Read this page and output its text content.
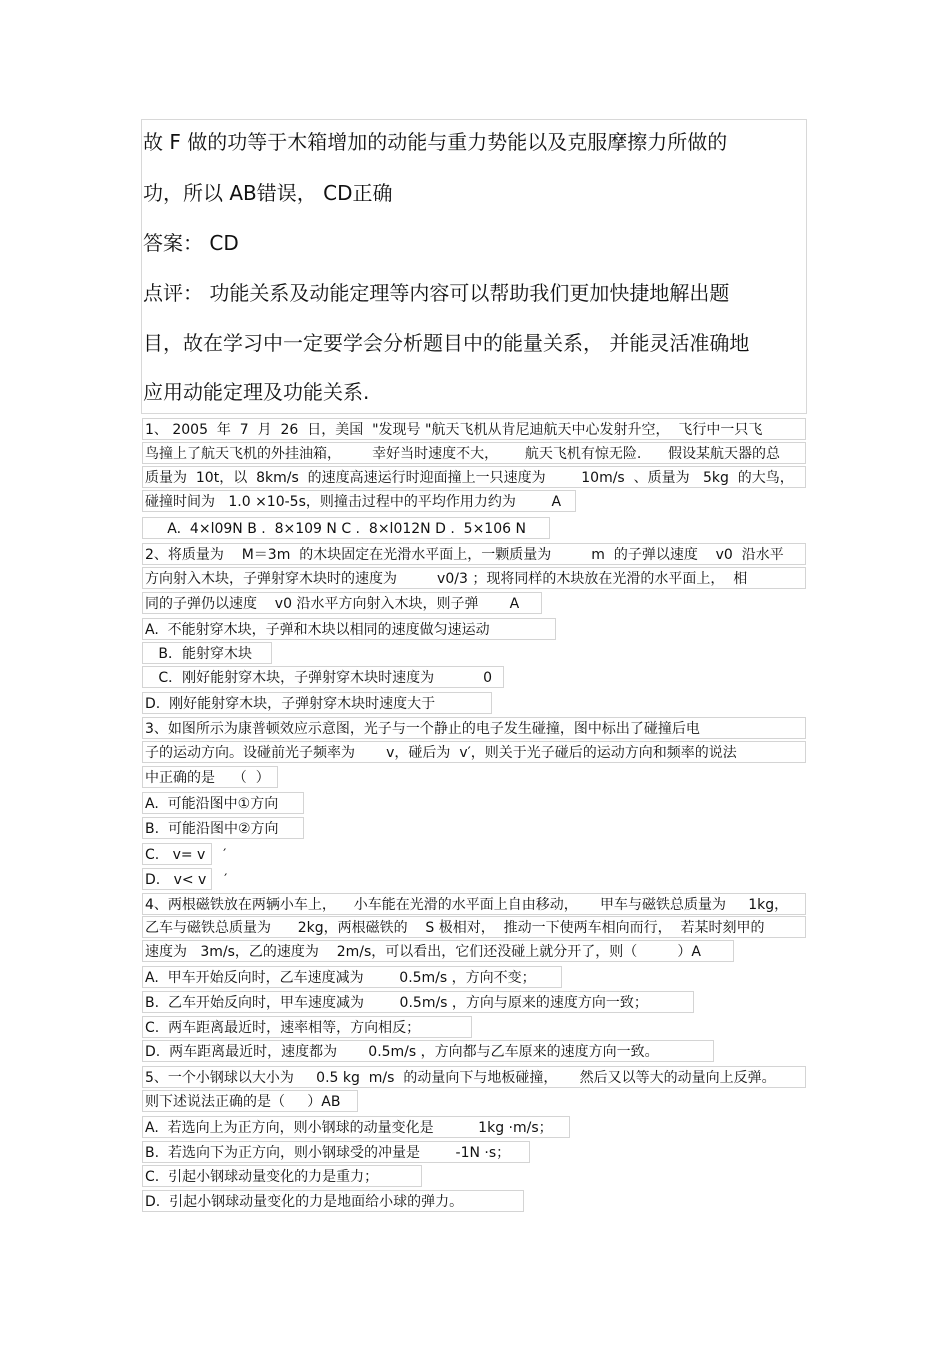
故 F 做的功等于木箱增加的动能与重力势能以及克服摩擦力所做的
功，所以 AB错误， CD正确
答案： CD
点评： 功能关系及动能定理等内容可以帮助我们更加快捷地解出题
目，故在学习中一定要学会分析题目中的能量关系， 并能灵活准确地
应用动能定理及功能关系.
1、 2005  年  7  月  26  日，美国  "发现号 "航天飞机从肯尼迪航天中心发射升空，  飞行中一只飞
鸟撞上了航天飞机的外挂油箱，       幸好当时速度不大，      航天飞机有惊无险.      假设某航天器的总
质量为  10t，以  8km/s  的速度高速运行时迎面撞上一只速度为        10m/s  、质量为   5kg  的大鸟，
碰撞时间为   1.0 ×10-5s，则撞击过程中的平均作用力约为        A
A.  4×l09N B .  8×109 N C .  8×l012N D .  5×106 N
2、将质量为    M＝3m  的木块固定在光滑水平面上，一颗质量为         m  的子弹以速度    v0  沿水平
方向射入木块，子弹射穿木块时的速度为         v0/3 ；现将同样的木块放在光滑的水平面上，  相
同的子弹仍以速度    v0 沿水平方向射入木块，则子弹       A
A.  不能射穿木块，子弹和木块以相同的速度做匀速运动
B．能射穿木块
C．刚好能射穿木块，子弹射穿木块时速度为           0
D.  刚好能射穿木块，子弹射穿木块时速度大于
3、如图所示为康普顿效应示意图，光子与一个静止的电子发生碰撞，图中标出了碰撞后电
子的运动方向。设碰前光子频率为       v，碰后为  v′，则关于光子碰后的运动方向和频率的说法
中正确的是    （  ）
A.  可能沿图中①方向
B.  可能沿图中②方向
C.   v= v    ′
D.   v< v    ′
4、两根磁铁放在两辆小车上，    小车能在光滑的水平面上自由移动，     甲车与磁铁总质量为     1kg，
乙车与磁铁总质量为      2kg，两根磁铁的    S 极相对，  推动一下使两车相向而行，  若某时刻甲的
速度为   3m/s，乙的速度为    2m/s，可以看出，它们还没碰上就分开了，则（         ）A
A.  甲车开始反向时，乙车速度减为        0.5m/s ，方向不变；
B.  乙车开始反向时，甲车速度减为        0.5m/s ，方向与原来的速度方向一致；
C.  两车距离最近时，速率相等，方向相反；
D.  两车距离最近时，速度都为       0.5m/s ，方向都与乙车原来的速度方向一致。
5、一个小钢球以大小为     0.5 kg  m/s  的动量向下与地板碰撞，     然后又以等大的动量向上反弹。
则下述说法正确的是（     ）AB
A.  若选向上为正方向，则小钢球的动量变化是          1kg ·m/s；
B.  若选向下为正方向，则小钢球受的冲量是        -1N ·s；
C.  引起小钢球动量变化的力是重力；
D.  引起小钢球动量变化的力是地面给小球的弹力。
